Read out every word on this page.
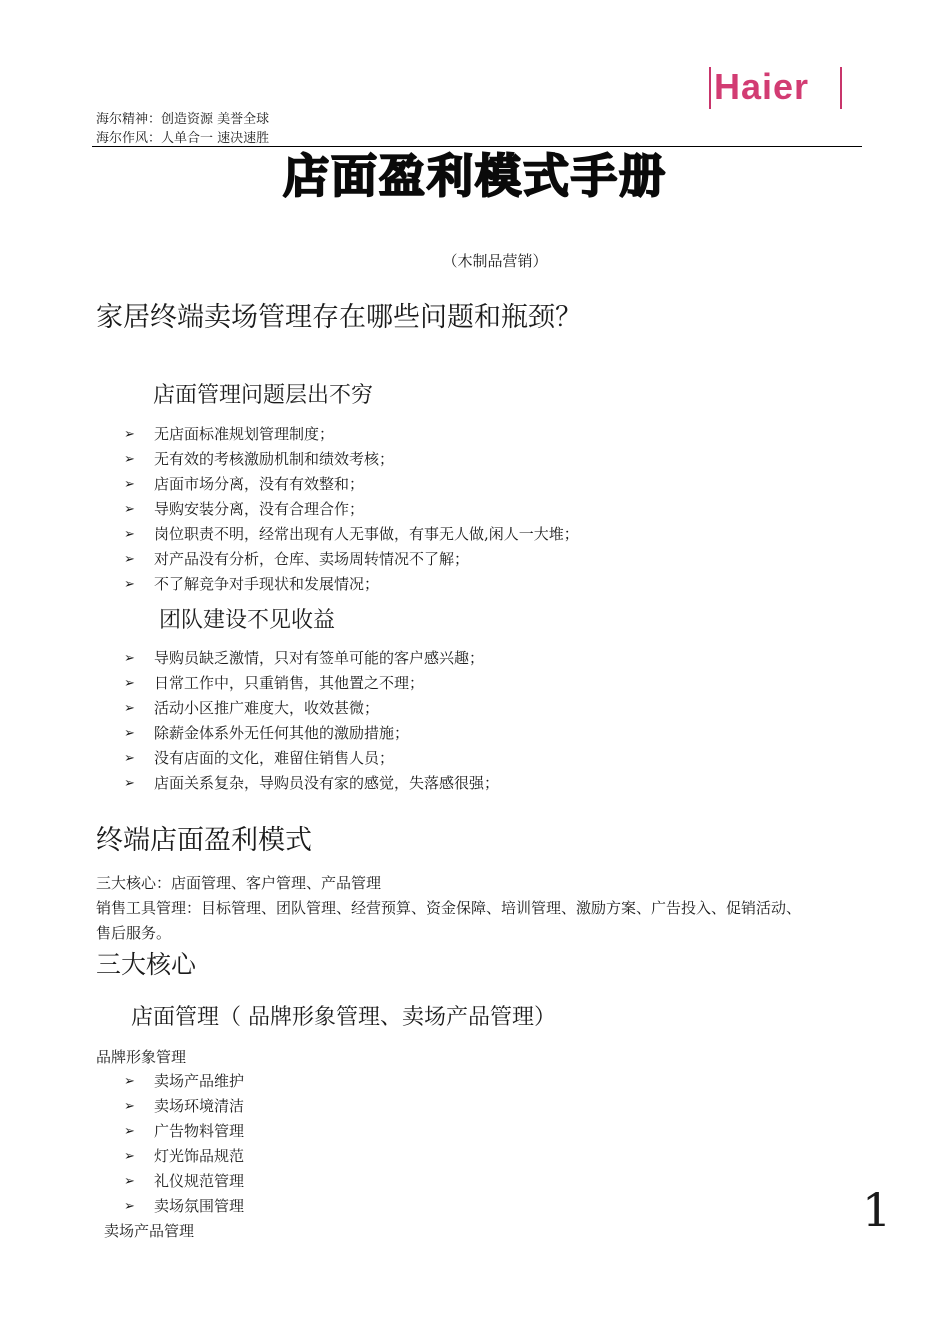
海尔精神：创造资源 美誉全球
海尔作风：人单合一 速决速胜
Haier
店面盈利模式手册
（木制品营销）
家居终端卖场管理存在哪些问题和瓶颈？
店面管理问题层出不穷
➢ 无店面标准规划管理制度；
➢ 无有效的考核激励机制和绩效考核；
➢ 店面市场分离，没有有效整和；
➢ 导购安装分离，没有合理合作；
➢ 岗位职责不明，经常出现有人无事做，有事无人做,闲人一大堆；
➢ 对产品没有分析，仓库、卖场周转情况不了解；
➢ 不了解竞争对手现状和发展情况；
团队建设不见收益
➢ 导购员缺乏激情，只对有签单可能的客户感兴趣；
➢ 日常工作中，只重销售，其他置之不理；
➢ 活动小区推广难度大，收效甚微；
➢ 除薪金体系外无任何其他的激励措施；
➢ 没有店面的文化，难留住销售人员；
➢ 店面关系复杂，导购员没有家的感觉，失落感很强；
终端店面盈利模式
三大核心：店面管理、客户管理、产品管理
销售工具管理：目标管理、团队管理、经营预算、资金保障、培训管理、激励方案、广告投入、促销活动、
售后服务。
三大核心
店面管理（ 品牌形象管理、卖场产品管理）
品牌形象管理
➢ 卖场产品维护
➢ 卖场环境清洁
➢ 广告物料管理
➢ 灯光饰品规范
➢ 礼仪规范管理
➢ 卖场氛围管理
卖场产品管理	1
